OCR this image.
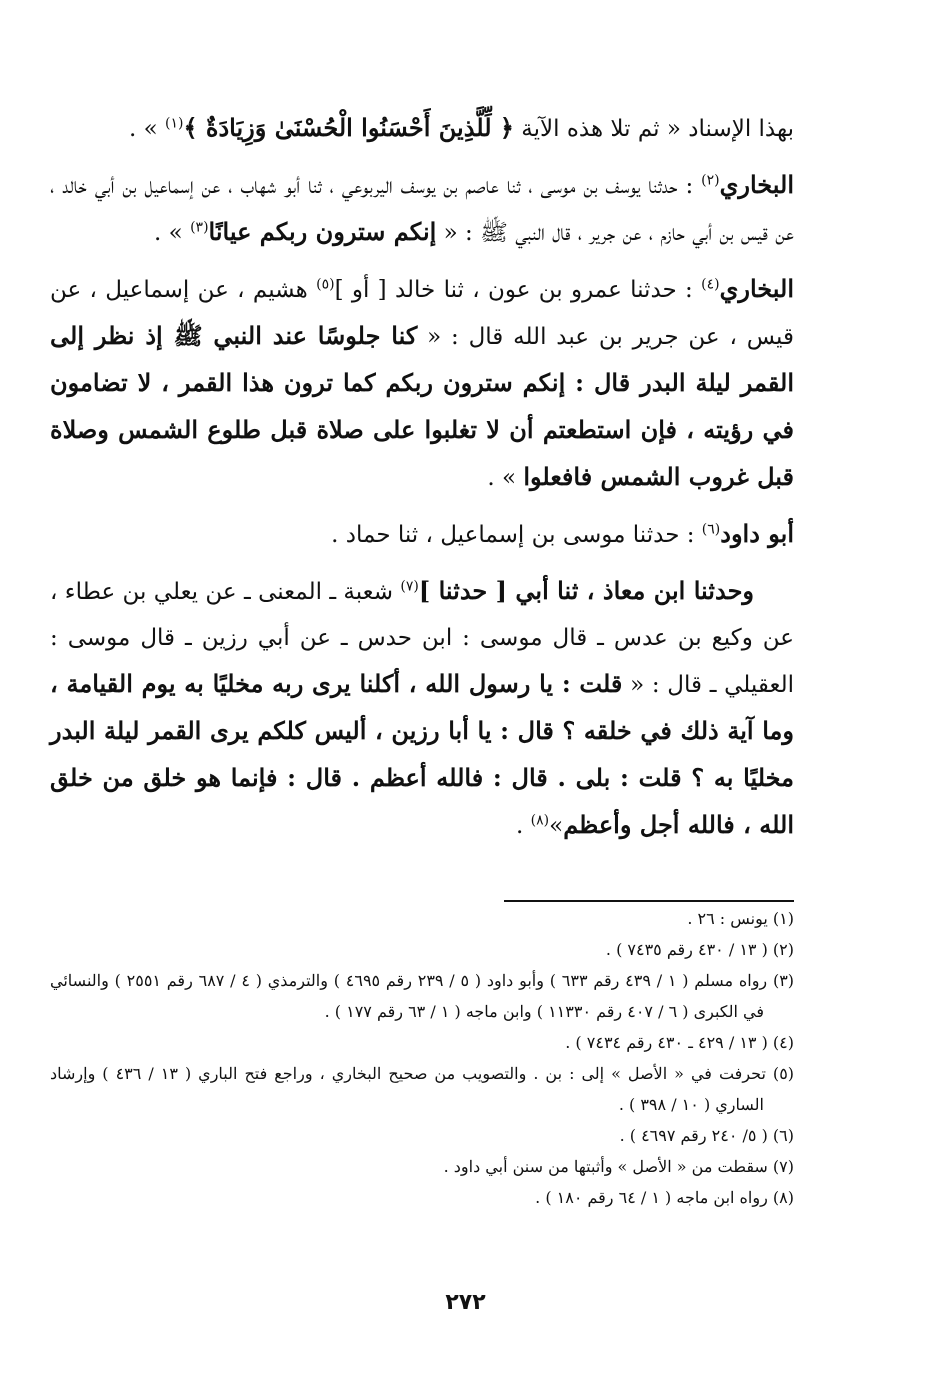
بهذا الإسناد « ثم تلا هذه الآية ﴿ لِّلَّذِينَ أَحْسَنُوا الْحُسْنَىٰ وَزِيَادَةٌ ﴾$^{(١)}$ » .

البخاري$^{(٢)}$ : حدثنا يوسف بن موسى ، ثنا عاصم بن يوسف اليربوعي ، ثنا أبو شهاب ، عن إسماعيل بن أبي خالد ، عن قيس بن أبي حازم ، عن جرير ، قال النبي ﷺ : « إنكم سترون ربكم عيانًا$^{(٣)}$ » .

البخاري$^{(٤)}$ : حدثنا عمرو بن عون ، ثنا خالد [ أو ]$^{(٥)}$ هشيم ، عن إسماعيل ، عن قيس ، عن جرير بن عبد الله قال : « كنا جلوسًا عند النبي ﷺ إذ نظر إلى القمر ليلة البدر قال : إنكم سترون ربكم كما ترون هذا القمر ، لا تضامون في رؤيته ، فإن استطعتم أن لا تغلبوا على صلاة قبل طلوع الشمس وصلاة قبل غروب الشمس فافعلوا » .

أبو داود$^{(٦)}$ : حدثنا موسى بن إسماعيل ، ثنا حماد .

وحدثنا ابن معاذ ، ثنا أبي [ حدثنا ]$^{(٧)}$ شعبة ـ المعنى ـ عن يعلي بن عطاء ، عن وكيع بن عدس ـ قال موسى : ابن حدس ـ عن أبي رزين ـ قال موسى : العقيلي ـ قال : « قلت : يا رسول الله ، أكلنا يرى ربه مخليًا به يوم القيامة ، وما آية ذلك في خلقه ؟ قال : يا أبا رزين ، أليس كلكم يرى القمر ليلة البدر مخليًا به ؟ قلت : بلى . قال : فالله أعظم . قال : فإنما هو خلق من خلق الله ، فالله أجل وأعظم»$^{(٨)}$ .

(١) يونس : ٢٦ .

(٢) ( ١٣ / ٤٣٠ رقم ٧٤٣٥ ) .

(٣) رواه مسلم ( ١ / ٤٣٩ رقم ٦٣٣ ) وأبو داود ( ٥ / ٢٣٩ رقم ٤٦٩٥ ) والترمذي ( ٤ / ٦٨٧ رقم ٢٥٥١ ) والنسائي في الكبرى ( ٦ / ٤٠٧ رقم ١١٣٣٠ ) وابن ماجه ( ١ / ٦٣ رقم ١٧٧ ) .

(٤) ( ١٣ / ٤٢٩ ـ ٤٣٠ رقم ٧٤٣٤ ) .

(٥) تحرفت في « الأصل » إلى : بن . والتصويب من صحيح البخاري ، وراجع فتح الباري ( ١٣ / ٤٣٦ ) وإرشاد الساري ( ١٠ / ٣٩٨ ) .

(٦) ( ٥/ ٢٤٠ رقم ٤٦٩٧ ) .

(٧) سقطت من « الأصل » وأثبتها من سنن أبي داود .

(٨) رواه ابن ماجه ( ١ / ٦٤ رقم ١٨٠ ) .

٢٧٢
